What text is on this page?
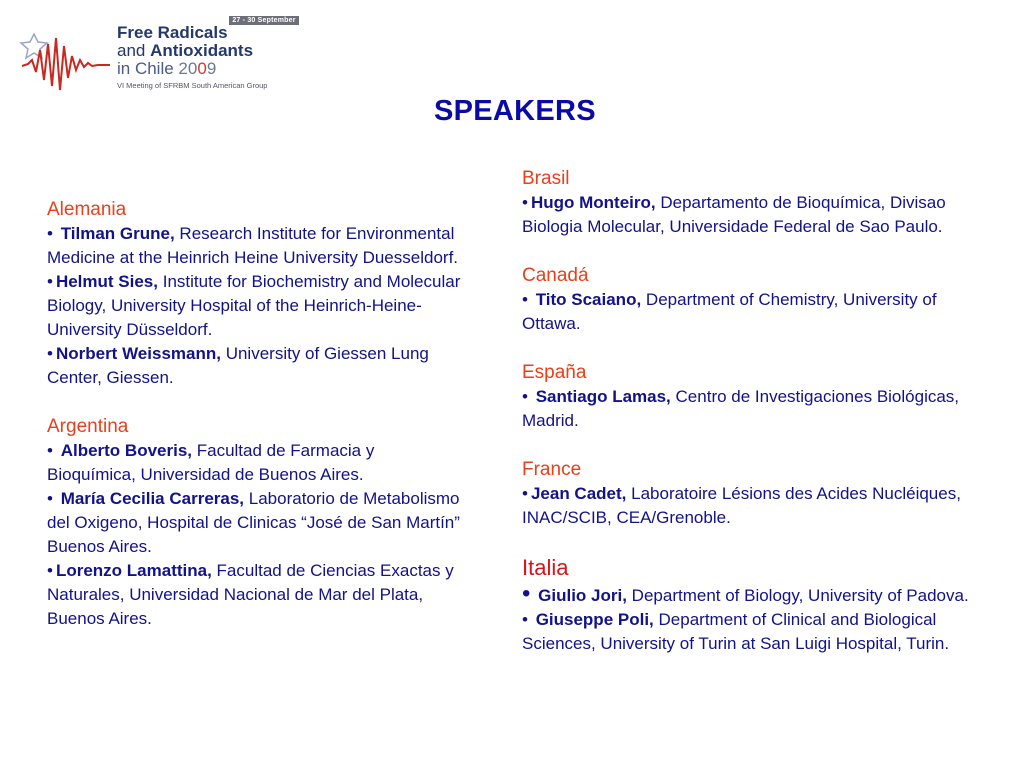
27 - 30 September
Free Radicals
and Antioxidants
in Chile 2009
VI Meeting of SFRBM South American Group
SPEAKERS
Alemania
• Tilman Grune, Research Institute for Environmental Medicine at the Heinrich Heine University Duesseldorf.
• Helmut Sies, Institute for Biochemistry and Molecular Biology, University Hospital of the Heinrich-Heine-University Düsseldorf.
• Norbert Weissmann, University of Giessen Lung Center, Giessen.
Argentina
• Alberto Boveris, Facultad de Farmacia y Bioquímica, Universidad de Buenos Aires.
• María Cecilia Carreras, Laboratorio de Metabolismo del Oxigeno, Hospital de Clinicas “José de San Martín” Buenos Aires.
• Lorenzo Lamattina, Facultad de Ciencias Exactas y Naturales, Universidad Nacional de Mar del Plata, Buenos Aires.
Brasil
• Hugo Monteiro, Departamento de Bioquímica, Divisao Biologia Molecular, Universidade Federal de Sao Paulo.
Canadá
• Tito Scaiano, Department of Chemistry, University of Ottawa.
España
• Santiago Lamas, Centro de Investigaciones Biológicas, Madrid.
France
• Jean Cadet, Laboratoire Lésions des Acides Nucléiques, INAC/SCIB, CEA/Grenoble.
Italia
• Giulio Jori, Department of Biology, University of Padova.
• Giuseppe Poli, Department of Clinical and Biological Sciences, University of Turin at San Luigi Hospital, Turin.
